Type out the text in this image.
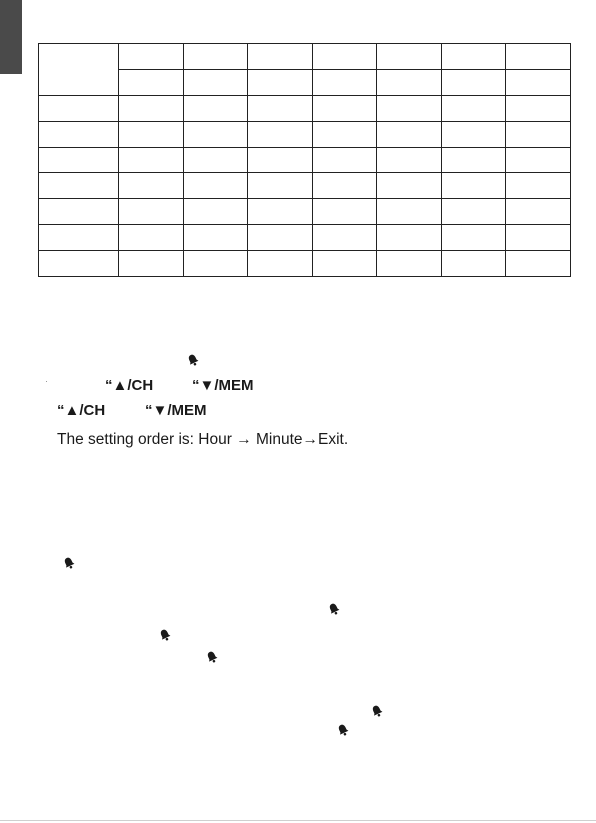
“▲/CH	“▼/MEM
“▲/CH	“▼/MEM
The setting order is: Hour → Minute→Exit.
